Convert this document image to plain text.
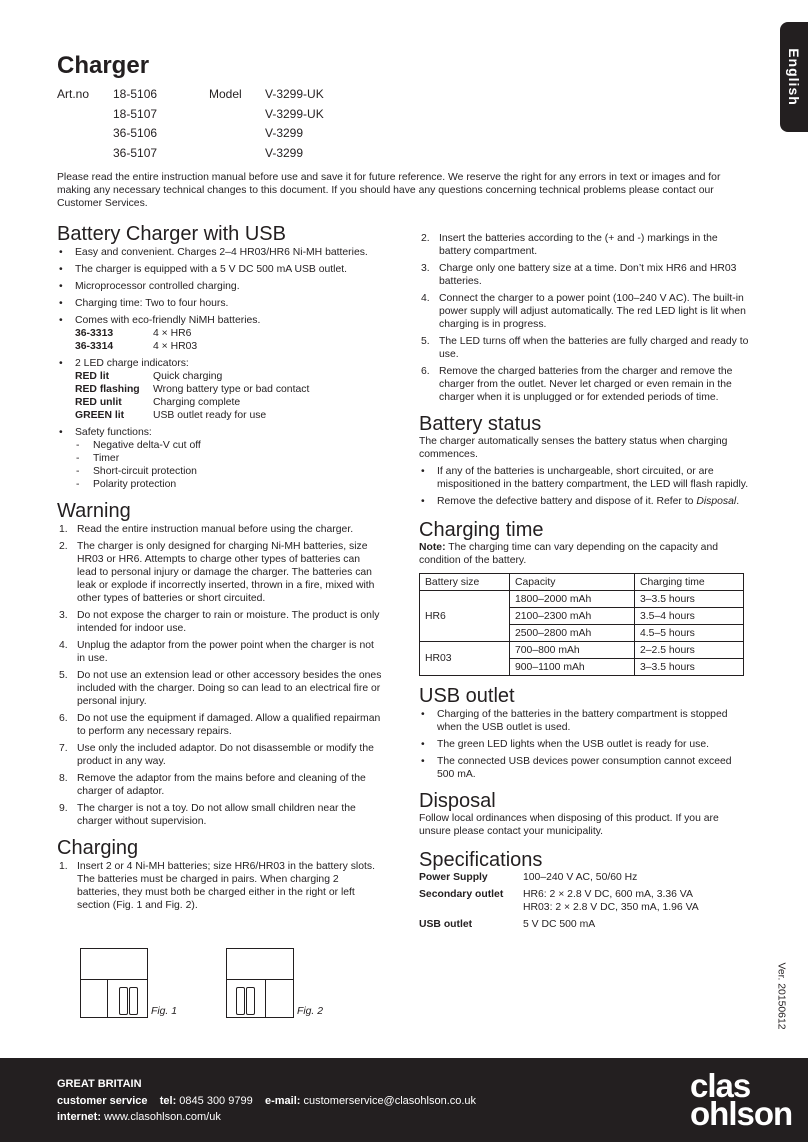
English
Charger
Art.no	18-5106	Model	V-3299-UK
18-5107	V-3299-UK
36-5106	V-3299
36-5107	V-3299
Please read the entire instruction manual before use and save it for future reference. We reserve the right for any errors in text or images and for making any necessary technical changes to this document. If you should have any questions concerning technical problems please contact our Customer Services.
Battery Charger with USB
• Easy and convenient. Charges 2–4 HR03/HR6 Ni-MH batteries.
• The charger is equipped with a 5 V DC 500 mA USB outlet.
• Microprocessor controlled charging.
• Charging time: Two to four hours.
• Comes with eco-friendly NiMH batteries.
36-3313	4 × HR6
36-3314	4 × HR03
• 2 LED charge indicators:
RED lit	Quick charging
RED flashing	Wrong battery type or bad contact
RED unlit	Charging complete
GREEN lit	USB outlet ready for use
• Safety functions:
- Negative delta-V cut off
- Timer
- Short-circuit protection
- Polarity protection
Warning
1. Read the entire instruction manual before using the charger.
2. The charger is only designed for charging Ni-MH batteries, size HR03 or HR6. Attempts to charge other types of batteries can lead to personal injury or damage the charger. The batteries can leak or explode if incorrectly inserted, thrown in a fire, mixed with other types of batteries or short circuited.
3. Do not expose the charger to rain or moisture. The product is only intended for indoor use.
4. Unplug the adaptor from the power point when the charger is not in use.
5. Do not use an extension lead or other accessory besides the ones included with the charger. Doing so can lead to an electrical fire or personal injury.
6. Do not use the equipment if damaged. Allow a qualified repairman to perform any necessary repairs.
7. Use only the included adaptor. Do not disassemble or modify the product in any way.
8. Remove the adaptor from the mains before and cleaning of the charger of adaptor.
9. The charger is not a toy. Do not allow small children near the charger without supervision.
Charging
1. Insert 2 or 4 Ni-MH batteries; size HR6/HR03 in the battery slots. The batteries must be charged in pairs. When charging 2 batteries, they must both be charged either in the right or left section (Fig. 1 and Fig. 2).
Fig. 1	Fig. 2
2. Insert the batteries according to the (+ and -) markings in the battery compartment.
3. Charge only one battery size at a time. Don’t mix HR6 and HR03 batteries.
4. Connect the charger to a power point (100–240 V AC). The built-in power supply will adjust automatically. The red LED light is lit when charging is in progress.
5. The LED turns off when the batteries are fully charged and ready to use.
6. Remove the charged batteries from the charger and remove the charger from the outlet. Never let charged or even remain in the charger when it is unplugged or for extended periods of time.
Battery status
The charger automatically senses the battery status when charging commences.
• If any of the batteries is unchargeable, short circuited, or are mispositioned in the battery compartment, the LED will flash rapidly.
• Remove the defective battery and dispose of it. Refer to Disposal.
Charging time
Note: The charging time can vary depending on the capacity and condition of the battery.
Battery size	Capacity	Charging time
HR6	1800–2000 mAh	3–3.5 hours
	2100–2300 mAh	3.5–4 hours
	2500–2800 mAh	4.5–5 hours
HR03	700–800 mAh	2–2.5 hours
	900–1100 mAh	3–3.5 hours
USB outlet
• Charging of the batteries in the battery compartment is stopped when the USB outlet is used.
• The green LED lights when the USB outlet is ready for use.
• The connected USB devices power consumption cannot exceed 500 mA.
Disposal
Follow local ordinances when disposing of this product. If you are unsure please contact your municipality.
Specifications
Power Supply	100–240 V AC, 50/60 Hz
Secondary outlet	HR6: 2 × 2.8 V DC, 600 mA, 3.36 VA
HR03: 2 × 2.8 V DC, 350 mA, 1.96 VA
USB outlet	5 V DC 500 mA
Ver. 20150612
GREAT BRITAIN
customer service tel: 0845 300 9799 e-mail: customerservice@clasohlson.co.uk
internet: www.clasohlson.com/uk
clas
ohlson
